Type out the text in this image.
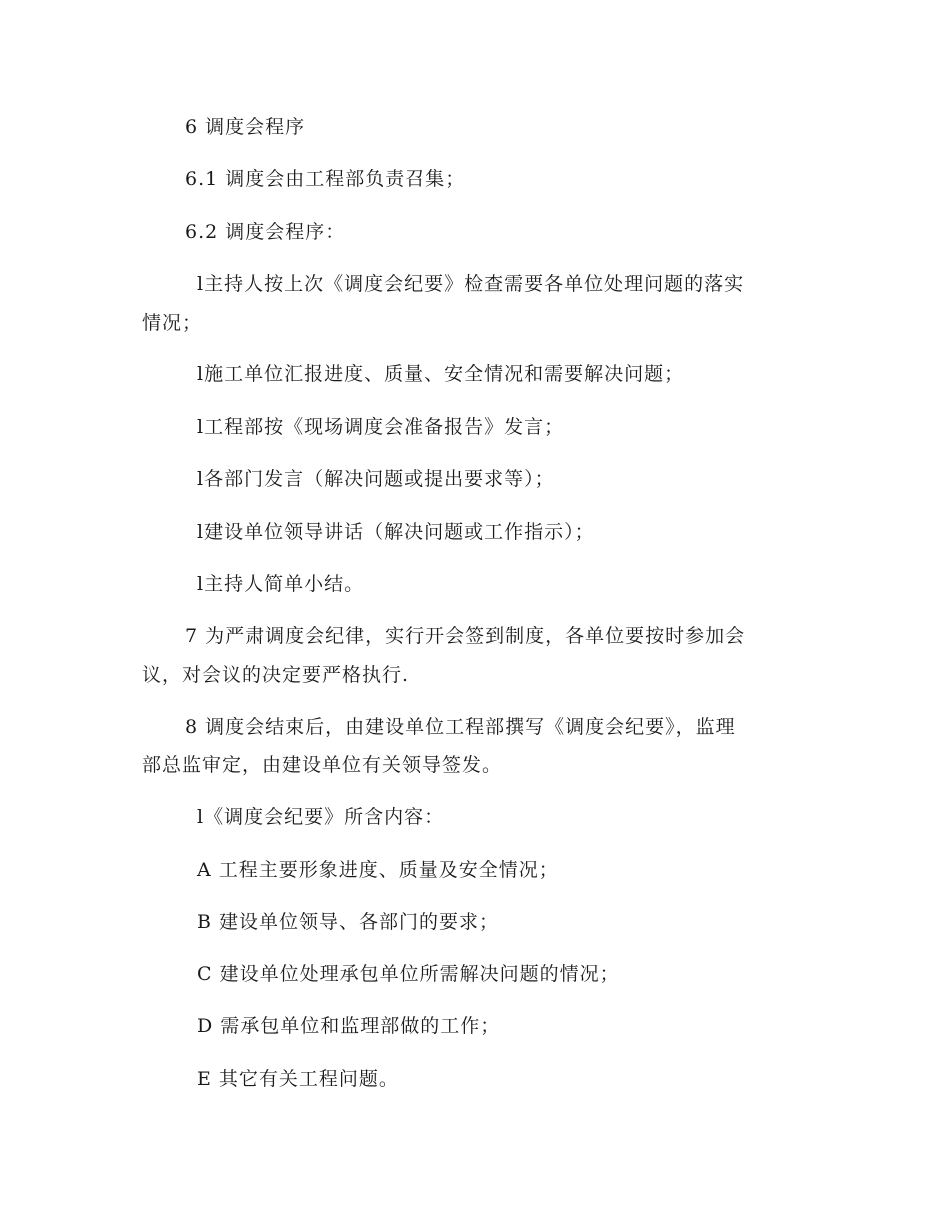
6 调度会程序

6.1 调度会由工程部负责召集；

6.2 调度会程序：

l主持人按上次《调度会纪要》检查需要各单位处理问题的落实

情况；

l施工单位汇报进度、质量、安全情况和需要解决问题；

l工程部按《现场调度会准备报告》发言；

l各部门发言（解决问题或提出要求等）；

l建设单位领导讲话（解决问题或工作指示）；

l主持人简单小结。

7 为严肃调度会纪律，实行开会签到制度，各单位要按时参加会

议，对会议的决定要严格执行.

8 调度会结束后，由建设单位工程部撰写《调度会纪要》，监理

部总监审定，由建设单位有关领导签发。

l《调度会纪要》所含内容：

A 工程主要形象进度、质量及安全情况；

B 建设单位领导、各部门的要求；

C 建设单位处理承包单位所需解决问题的情况；

D 需承包单位和监理部做的工作；

E 其它有关工程问题。
